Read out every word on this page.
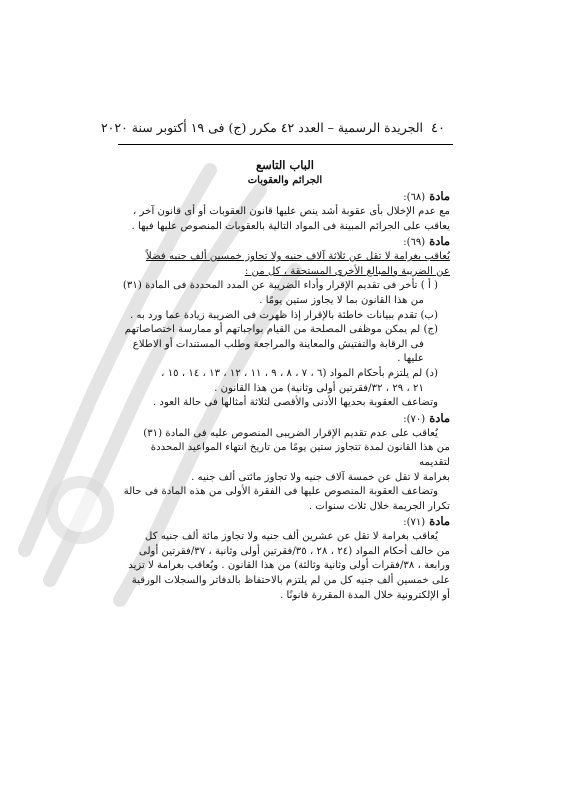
٤٠
الجريدة الرسمية – العدد ٤٢ مكرر (ج) فى ١٩ أكتوبر سنة ٢٠٢٠
الباب التاسع
الجرائم والعقوبات
مادة (٦٨):

مع عدم الإخلال بأى عقوبة أشد ينص عليها قانون العقوبات أو أى قانون آخر ،

يعاقب على الجرائم المبينة فى المواد التالية بالعقوبات المنصوص عليها فيها .

مادة (٦٩):

يُعاقب بغرامة لا تقل عن ثلاثة آلاف جنيه ولا تجاوز خمسين ألف جنيه فضلاً

عن الضريبة والمبالغ الأخرى المستحقة ، كل من :

( أ ) تأخر فى تقديم الإقرار وأداء الضريبة عن المدد المحددة فى المادة (٣١)

من هذا القانون بما لا يجاوز ستين يومًا .

(ب) تقدم ببيانات خاطئة بالإقرار إذا ظهرت فى الضريبة زيادة عما ورد به .

(ج) لم يمكن موظفى المصلحة من القيام بواجباتهم أو ممارسة اختصاصاتهم

فى الرقابة والتفتيش والمعاينة والمراجعة وطلب المستندات أو الاطلاع عليها .

(د) لم يلتزم بأحكام المواد (٦ ، ٧ ، ٨ ، ٩ ، ١١ ، ١٢ ، ١٣ ، ١٤ ، ١٥ ،

٢١ ، ٢٩ ، ٣٢/فقرتين أولى وثانية) من هذا القانون .

وتضاعف العقوبة بحديها الأدنى والأقصى لثلاثة أمثالها فى حالة العود .

مادة (٧٠):

يُعاقب على عدم تقديم الإقرار الضريبى المنصوص عليه فى المادة (٣١)

من هذا القانون لمدة تتجاوز ستين يومًا من تاريخ انتهاء المواعيد المحددة لتقديمه

بغرامة لا تقل عن خمسة آلاف جنيه ولا تجاوز مائتى ألف جنيه .

وتضاعف العقوبة المنصوص عليها فى الفقرة الأولى من هذه المادة فى حالة

تكرار الجريمة خلال ثلاث سنوات .

مادة (٧١):

يُعاقب بغرامة لا تقل عن عشرين ألف جنيه ولا تجاوز مائة ألف جنيه كل

من خالف أحكام المواد (٢٤ ، ٢٨ ، ٣٥/فقرتين أولى وثانية ، ٣٧/فقرتين أولى

ورابعة ، ٣٨/فقرات أولى وثانية وثالثة) من هذا القانون . ويُعاقب بغرامة لا تزيد

على خمسين ألف جنيه كل من لم يلتزم بالاحتفاظ بالدفاتر والسجلات الورقية

أو الإلكترونية خلال المدة المقررة قانونًا .
